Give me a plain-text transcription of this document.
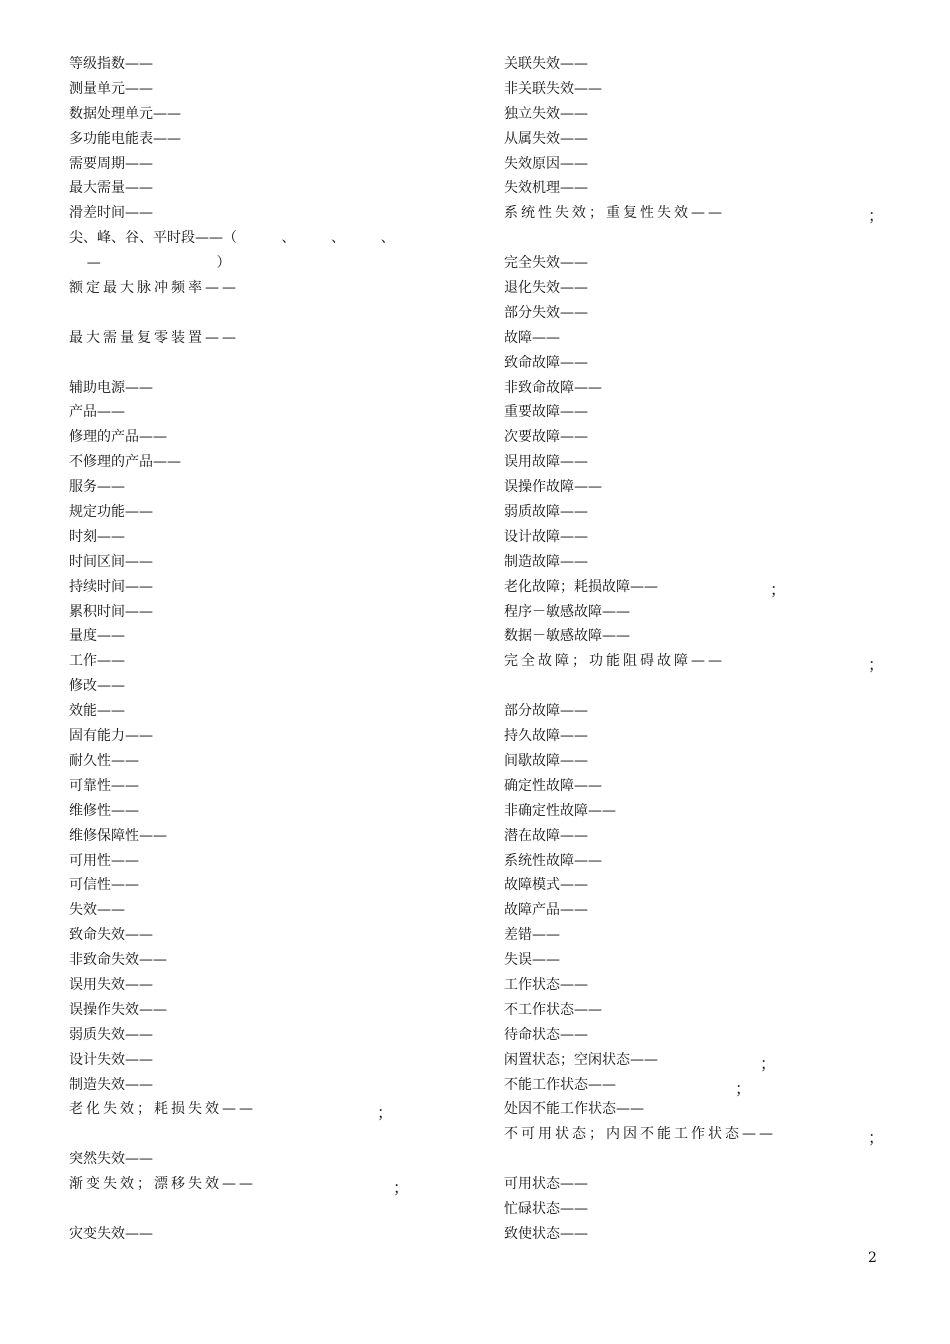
等级指数——
测量单元——
数据处理单元——
多功能电能表——
需要周期——
最大需量——
滑差时间——
尖、峰、谷、平时段——（          、        、        、
—                          ）
额定最大脉冲频率——
最大需量复零装置——
辅助电源——
产品——
修理的产品——
不修理的产品——
服务——
规定功能——
时刻——
时间区间——
持续时间——
累积时间——
量度——
工作——
修改——
效能——
固有能力——
耐久性——
可靠性——
维修性——
维修保障性——
可用性——
可信性——
失效——
致命失效——
非致命失效——
误用失效——
误操作失效——
弱质失效——
设计失效——
制造失效——
老化失效；耗损失效——
突然失效——
渐变失效；漂移失效——
灾变失效——
关联失效——
非关联失效——
独立失效——
从属失效——
失效原因——
失效机理——
系统性失效；重复性失效——
完全失效——
退化失效——
部分失效——
故障——
致命故障——
非致命故障——
重要故障——
次要故障——
误用故障——
误操作故障——
弱质故障——
设计故障——
制造故障——
老化故障；耗损故障——
程序－敏感故障——
数据－敏感故障——
完全故障；功能阻碍故障——
部分故障——
持久故障——
间歇故障——
确定性故障——
非确定性故障——
潜在故障——
系统性故障——
故障模式——
故障产品——
差错——
失误——
工作状态——
不工作状态——
待命状态——
闲置状态；空闲状态——
不能工作状态——
处因不能工作状态——
不可用状态；内因不能工作状态——
可用状态——
忙碌状态——
致使状态——
；
；
；
；
；
；
；
；
2
